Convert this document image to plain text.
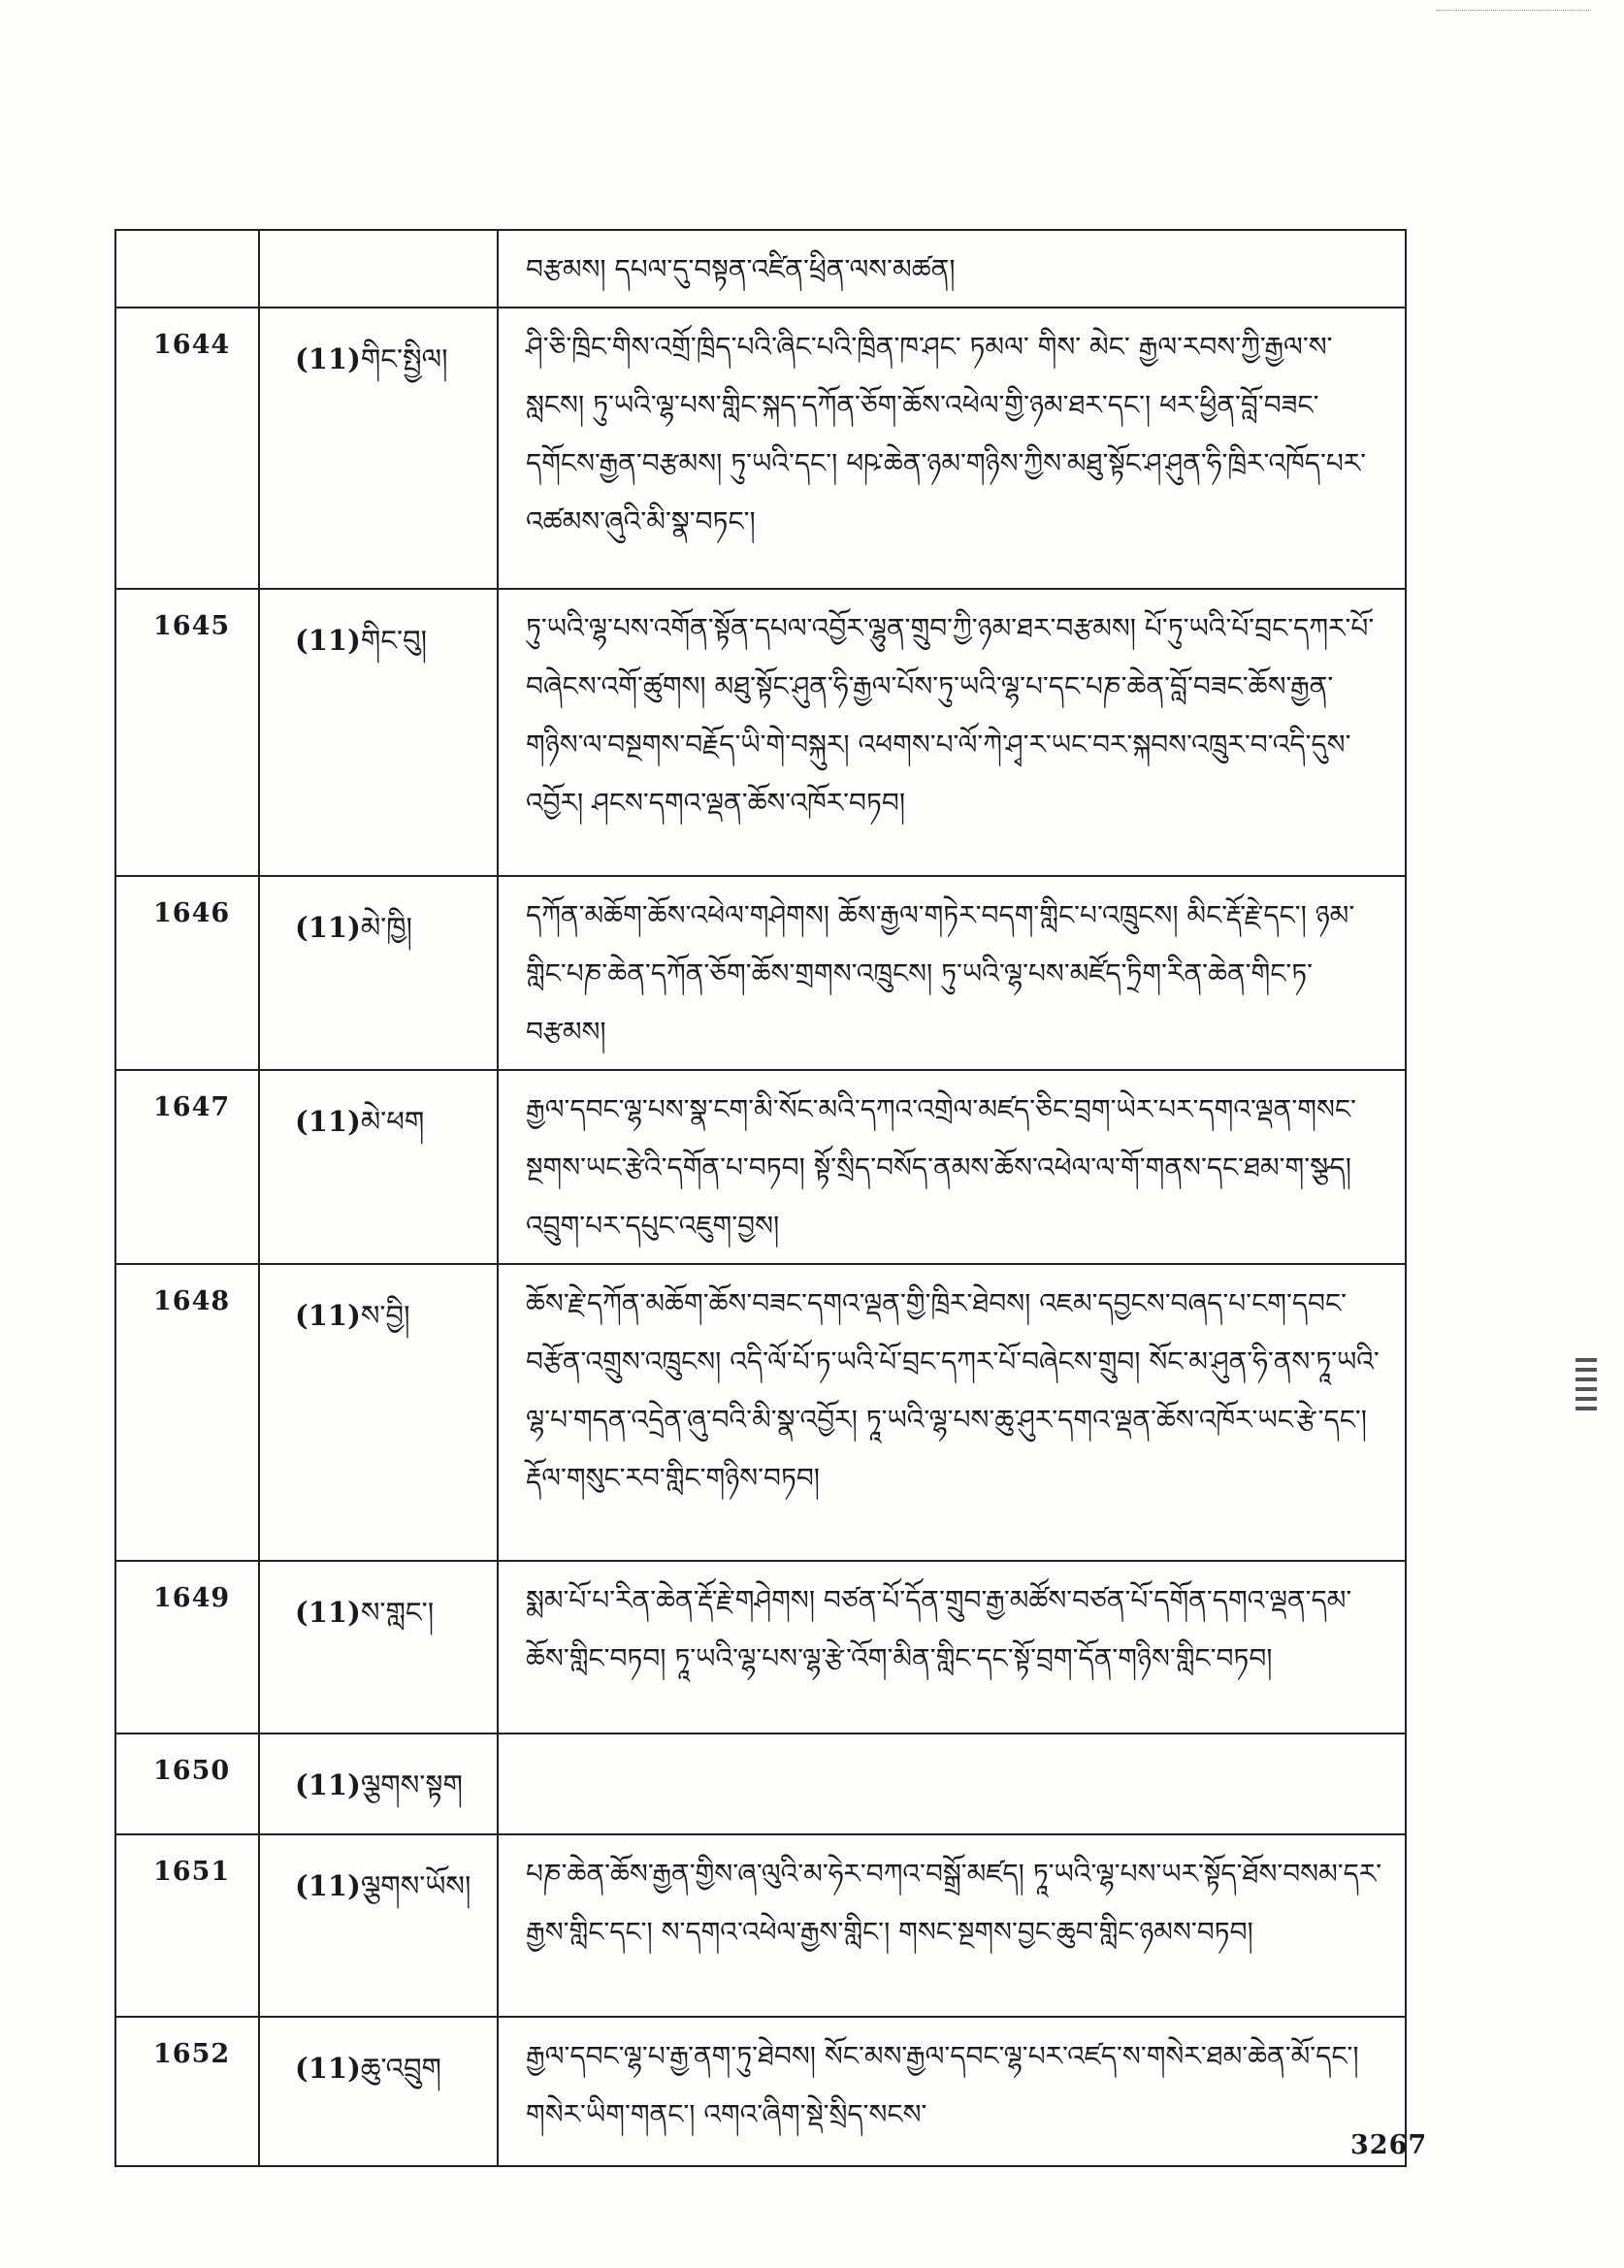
		བརྩམས། དཔལ་དུ་བསྟན་འཛིན་ཕྲིན་ལས་མཚན།
1644	(11)གིང་སྤྱིལ།	ཤི་ཅི་ཁྲིང་གིས་འགྲོ་ཁྲིད་པའི་ཞིང་པའི་ཁྲིན་ཁ་ཤང་ ཏམལ་ གིས་ མེང་ རྒྱལ་རབས་ཀྱི་རྒྱལ་ས་སླངས། ཏུ་ཡའི་ལྷ་པས་གླིང་སྐད་དཀོན་ཅོག་ཆོས་འཕེལ་གྱི་ཉམ་ཐར་དང་། ཕར་ཕྱིན་བློ་བཟང་དགོངས་རྒྱན་བརྩམས། ཏུ་ཡའི་དང་། ཕཥ་ཆེན་ཉམ་གཉིས་ཀྱིས་མཐུ་སྟོང་ཤ་ཤུན་ཧི་ཁྲིར་འཁོད་པར་འཚམས་ཞུའི་མི་སྣ་བཏང་།
1645	(11)གིང་བུ།	ཏུ་ཡའི་ལྷ་པས་འགོན་སྟོན་དཔལ་འབྱོར་ལྷུན་གྲུབ་ཀྱི་ཉམ་ཐར་བརྩམས། པོ་ཏུ་ཡའི་པོ་བྲང་དཀར་པོ་བཞེངས་འགོ་ཚུགས། མཐུ་སྟོང་ཤུན་ཧི་རྒྱལ་པོས་ཏུ་ཡའི་ལྷ་པ་དང་པཎ་ཆེན་བློ་བཟང་ཆོས་རྒྱན་གཉིས་ལ་བསྔགས་བརྗོད་ཡི་གེ་བསྐུར། འཕགས་པ་ལོ་ཀེ་ཤྭ་ར་ཡང་བར་སྐབས་འཁྲུར་བ་འདི་དུས་འབྱོར། ཤངས་དགའ་ལྡན་ཆོས་འཁོར་བཏབ།
1646	(11)མེ་ཁྱི།	དཀོན་མཆོག་ཆོས་འཕེལ་གཤེགས། ཆོས་རྒྱལ་གཏེར་བདག་གླིང་པ་འཁྲུངས། མིང་རྡོ་རྗེ་དང་། ཉམ་གླིང་པཎ་ཆེན་དཀོན་ཅོག་ཆོས་གྲགས་འཁྲུངས། ཏུ་ཡའི་ལྷ་པས་མཛོད་ཏྲིག་རིན་ཆེན་གིང་ཏ་བརྩམས།
1647	(11)མེ་ཕག	རྒྱལ་དབང་ལྷ་པས་སྣ་ངག་མི་སོང་མའི་དཀའ་འགྲེལ་མཛད་ཅིང་བྲག་ཡེར་པར་དགའ་ལྡན་གསང་སྔགས་ཡང་རྩེའི་དགོན་པ་བཏབ། སྟོ་སྲིད་བསོད་ནམས་ཆོས་འཕེལ་ལ་གོ་གནས་དང་ཐམ་ག་སྩད། འབྲུག་པར་དཔུང་འཇུག་བྱས།
1648	(11)ས་བྱི།	ཆོས་རྗེ་དཀོན་མཆོག་ཆོས་བཟང་དགའ་ལྡན་གྱི་ཁྲིར་ཐེབས། འཇམ་དབྱངས་བཞད་པ་ངག་དབང་བརྩོན་འགྲུས་འཁྲུངས། འདི་ལོ་པོ་ཏ་ཡའི་པོ་བྲང་དཀར་པོ་བཞེངས་གྲུབ། སོང་མ་ཤུན་ཧི་ནས་ཏཱ་ཡའི་ལྷ་པ་གདན་འདྲེན་ཞུ་བའི་མི་སྣ་འབྱོར། ཏཱ་ཡའི་ལྷ་པས་ཆུ་ཤུར་དགའ་ལྡན་ཆོས་འཁོར་ཡང་རྩེ་དང་། རྡོལ་གསུང་རབ་གླིང་གཉིས་བཏབ།
1649	(11)ས་གླང་།	སྨམ་པོ་པ་རིན་ཆེན་རྡོ་རྗེ་གཤེགས། བཙན་པོ་དོན་གྲུབ་རྒྱ་མཚོས་བཙན་པོ་དགོན་དགའ་ལྡན་དམ་ཆོས་གླིང་བཏབ། ཏཱ་ཡའི་ལྷ་པས་ལྷ་རྩེ་འོག་མིན་གླིང་དང་སྟོ་བྲག་དོན་གཉིས་གླིང་བཏབ།
1650	(11)ལྕགས་སྟག	
1651	(11)ལྕགས་ཡོས།	པཎ་ཆེན་ཆོས་རྒྱན་གྱིས་ཞ་ལུའི་མ་ཧེར་བཀའ་བསྒྲོ་མཛད། ཏཱ་ཡའི་ལྷ་པས་ཡར་སྟོད་ཐོས་བསམ་དར་རྒྱས་གླིང་དང་། ས་དགའ་འཕེལ་རྒྱས་གླིང་། གསང་སྔགས་བྱང་ཆུབ་གླིང་ཉམས་བཏབ།
1652	(11)ཆུ་འབྲུག	རྒྱལ་དབང་ལྷ་པ་རྒྱ་ནག་ཏུ་ཐེབས། སོང་མས་རྒྱལ་དབང་ལྷ་པར་འཛད་ས་གསེར་ཐམ་ཆེན་མོ་དང་། གསེར་ཡིག་གནང་། འགའ་ཞིག་སྡེ་སྲིད་སངས་
3267
